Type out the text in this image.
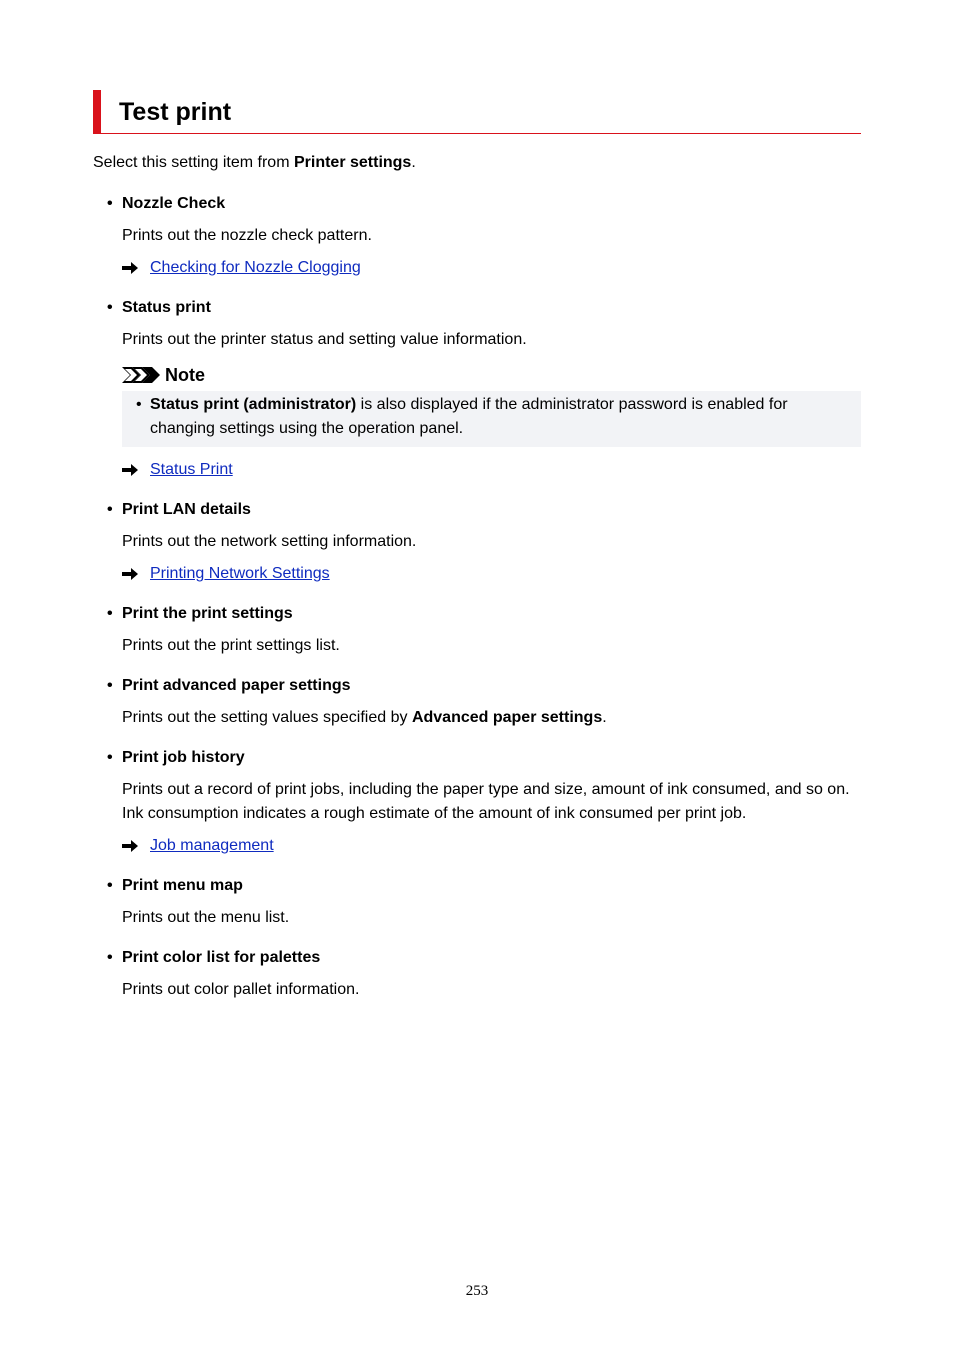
Test print
Select this setting item from Printer settings.
• Nozzle Check
Prints out the nozzle check pattern.
Checking for Nozzle Clogging
• Status print
Prints out the printer status and setting value information.
Note
• Status print (administrator) is also displayed if the administrator password is enabled for
changing settings using the operation panel.
Status Print
• Print LAN details
Prints out the network setting information.
Printing Network Settings
• Print the print settings
Prints out the print settings list.
• Print advanced paper settings
Prints out the setting values specified by Advanced paper settings.
• Print job history
Prints out a record of print jobs, including the paper type and size, amount of ink consumed, and so on.
Ink consumption indicates a rough estimate of the amount of ink consumed per print job.
Job management
• Print menu map
Prints out the menu list.
• Print color list for palettes
Prints out color pallet information.
253
